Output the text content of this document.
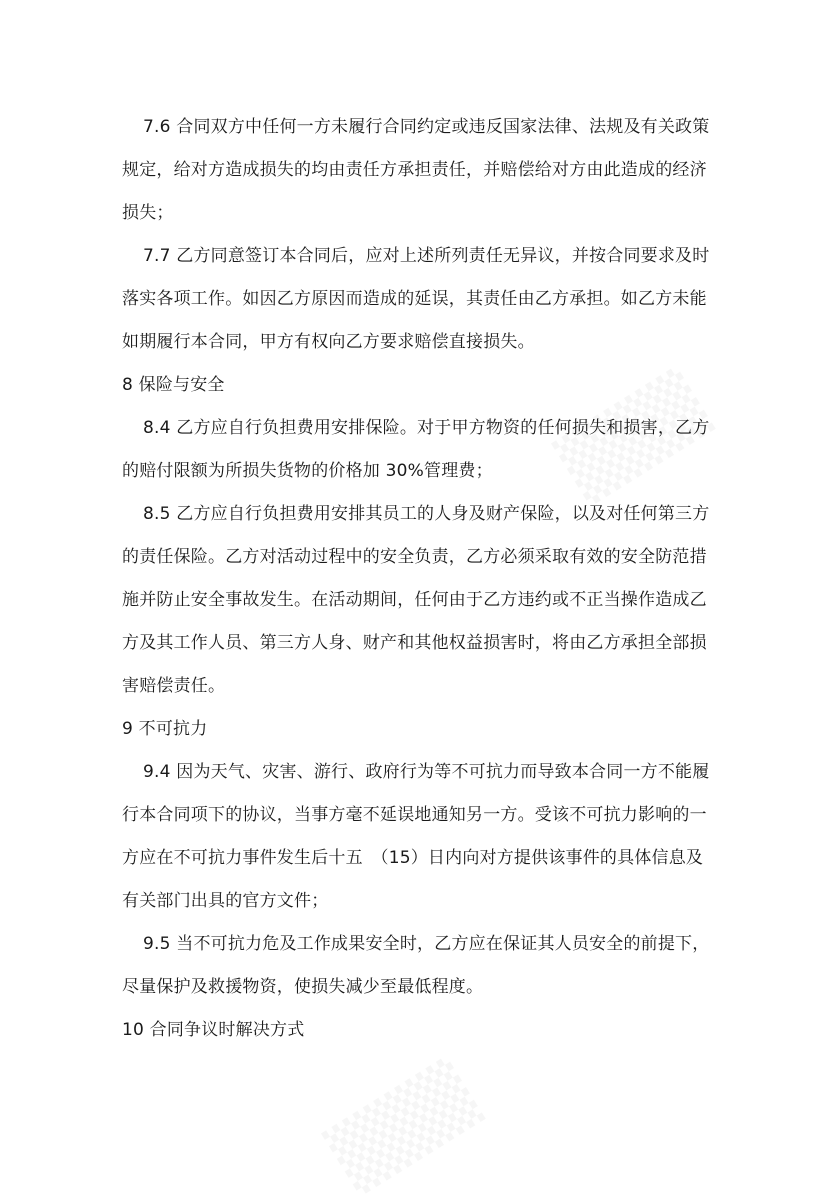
7.6 合同双方中任何一方未履行合同约定或违反国家法律、法规及有关政策

规定，给对方造成损失的均由责任方承担责任，并赔偿给对方由此造成的经济

损失；

7.7 乙方同意签订本合同后，应对上述所列责任无异议，并按合同要求及时

落实各项工作。如因乙方原因而造成的延误，其责任由乙方承担。如乙方未能

如期履行本合同，甲方有权向乙方要求赔偿直接损失。

8 保险与安全

8.4 乙方应自行负担费用安排保险。对于甲方物资的任何损失和损害，乙方

的赔付限额为所损失货物的价格加 30%管理费；

8.5 乙方应自行负担费用安排其员工的人身及财产保险，以及对任何第三方

的责任保险。乙方对活动过程中的安全负责，乙方必须采取有效的安全防范措

施并防止安全事故发生。在活动期间，任何由于乙方违约或不正当操作造成乙

方及其工作人员、第三方人身、财产和其他权益损害时，将由乙方承担全部损

害赔偿责任。

9 不可抗力

9.4 因为天气、灾害、游行、政府行为等不可抗力而导致本合同一方不能履

行本合同项下的协议，当事方毫不延误地通知另一方。受该不可抗力影响的一

方应在不可抗力事件发生后十五　（15）日内向对方提供该事件的具体信息及

有关部门出具的官方文件；

9.5 当不可抗力危及工作成果安全时，乙方应在保证其人员安全的前提下，

尽量保护及救援物资，使损失减少至最低程度。

10 合同争议时解决方式
